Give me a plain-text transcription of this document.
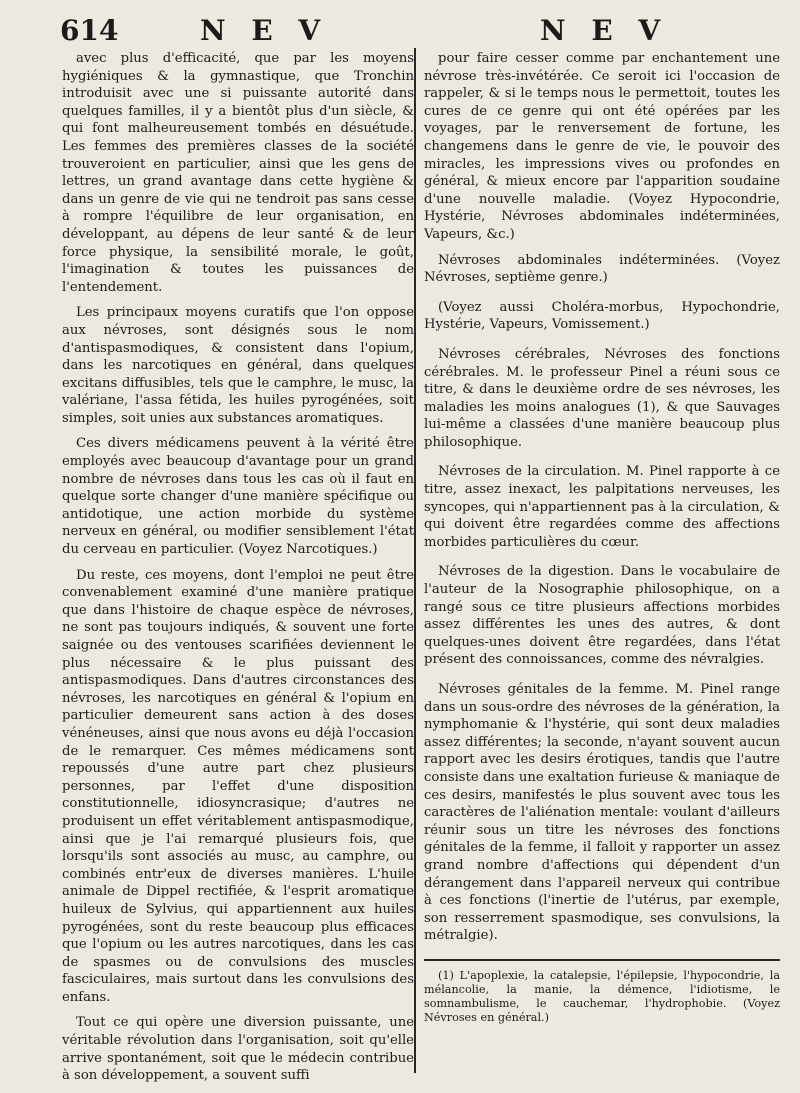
614	N E V	N E V

avec plus d'efficacité, que par les moyens hygiéniques & la gymnastique, que Tronchin introduisit avec une si puissante autorité dans quelques familles, il y a bientôt plus d'un siècle, & qui font malheureusement tombés en désuétude. Les femmes des premières classes de la société trouveroient en particulier, ainsi que les gens de lettres, un grand avantage dans cette hygiène & dans un genre de vie qui ne tendroit pas sans cesse à rompre l'équilibre de leur organisation, en développant, au dépens de leur santé & de leur force physique, la sensibilité morale, le goût, l'imagination & toutes les puissances de l'entendement.

Les principaux moyens curatifs que l'on oppose aux névroses, sont désignés sous le nom d'antispasmodiques, & consistent dans l'opium, dans les narcotiques en général, dans quelques excitans diffusibles, tels que le camphre, le musc, la valériane, l'assa fétida, les huiles pyrogénées, soit simples, soit unies aux substances aromatiques.

Ces divers médicamens peuvent à la vérité être employés avec beaucoup d'avantage pour un grand nombre de névroses dans tous les cas où il faut en quelque sorte changer d'une manière spécifique ou antidotique, une action morbide du système nerveux en général, ou modifier sensiblement l'état du cerveau en particulier. (Voyez Narcotiques.)

Du reste, ces moyens, dont l'emploi ne peut être convenablement examiné d'une manière pratique que dans l'histoire de chaque espèce de névroses, ne sont pas toujours indiqués, & souvent une forte saignée ou des ventouses scarifiées deviennent le plus nécessaire & le plus puissant des antispasmodiques. Dans d'autres circonstances des névroses, les narcotiques en général & l'opium en particulier demeurent sans action à des doses vénéneuses, ainsi que nous avons eu déjà l'occasion de le remarquer. Ces mêmes médicamens sont repoussés d'une autre part chez plusieurs personnes, par l'effet d'une disposition constitutionnelle, idiosyncrasique; d'autres ne produisent un effet véritablement antispasmodique, ainsi que je l'ai remarqué plusieurs fois, que lorsqu'ils sont associés au musc, au camphre, ou combinés entr'eux de diverses manières. L'huile animale de Dippel rectifiée, & l'esprit aromatique huileux de Sylvius, qui appartiennent aux huiles pyrogénées, sont du reste beaucoup plus efficaces que l'opium ou les autres narcotiques, dans les cas de spasmes ou de convulsions des muscles fasciculaires, mais surtout dans les convulsions des enfans.

Tout ce qui opère une diversion puissante, une véritable révolution dans l'organisation, soit qu'elle arrive spontanément, soit que le médecin contribue à son développement, a souvent suffi

pour faire cesser comme par enchantement une névrose très-invétérée. Ce seroit ici l'occasion de rappeler, & si le temps nous le permettoit, toutes les cures de ce genre qui ont été opérées par les voyages, par le renversement de fortune, les changemens dans le genre de vie, le pouvoir des miracles, les impressions vives ou profondes en général, & mieux encore par l'apparition soudaine d'une nouvelle maladie. (Voyez Hypocondrie, Hystérie, Névroses abdominales indéterminées, Vapeurs, &c.)

Névroses abdominales indéterminées. (Voyez Névroses, septième genre.)

(Voyez aussi Choléra-morbus, Hypochondrie, Hystérie, Vapeurs, Vomissement.)

Névroses cérébrales, Névroses des fonctions cérébrales. M. le professeur Pinel a réuni sous ce titre, & dans le deuxième ordre de ses névroses, les maladies les moins analogues (1), & que Sauvages lui-même a classées d'une manière beaucoup plus philosophique.

Névroses de la circulation. M. Pinel rapporte à ce titre, assez inexact, les palpitations nerveuses, les syncopes, qui n'appartiennent pas à la circulation, & qui doivent être regardées comme des affections morbides particulières du cœur.

Névroses de la digestion. Dans le vocabulaire de l'auteur de la Nosographie philosophique, on a rangé sous ce titre plusieurs affections morbides assez différentes les unes des autres, & dont quelques-unes doivent être regardées, dans l'état présent des connoissances, comme des névralgies.

Névroses génitales de la femme. M. Pinel range dans un sous-ordre des névroses de la génération, la nymphomanie & l'hystérie, qui sont deux maladies assez différentes; la seconde, n'ayant souvent aucun rapport avec les desirs érotiques, tandis que l'autre consiste dans une exaltation furieuse & maniaque de ces desirs, manifestés le plus souvent avec tous les caractères de l'aliénation mentale: voulant d'ailleurs réunir sous un titre les névroses des fonctions génitales de la femme, il falloit y rapporter un assez grand nombre d'affections qui dépendent d'un dérangement dans l'appareil nerveux qui contribue à ces fonctions (l'inertie de l'utérus, par exemple, son resserrement spasmodique, ses convulsions, la métralgie).

(1) L'apoplexie, la catalepsie, l'épilepsie, l'hypocondrie, la mélancolie, la manie, la démence, l'idiotisme, le somnambulisme, le cauchemar, l'hydrophobie. (Voyez Névroses en général.)
